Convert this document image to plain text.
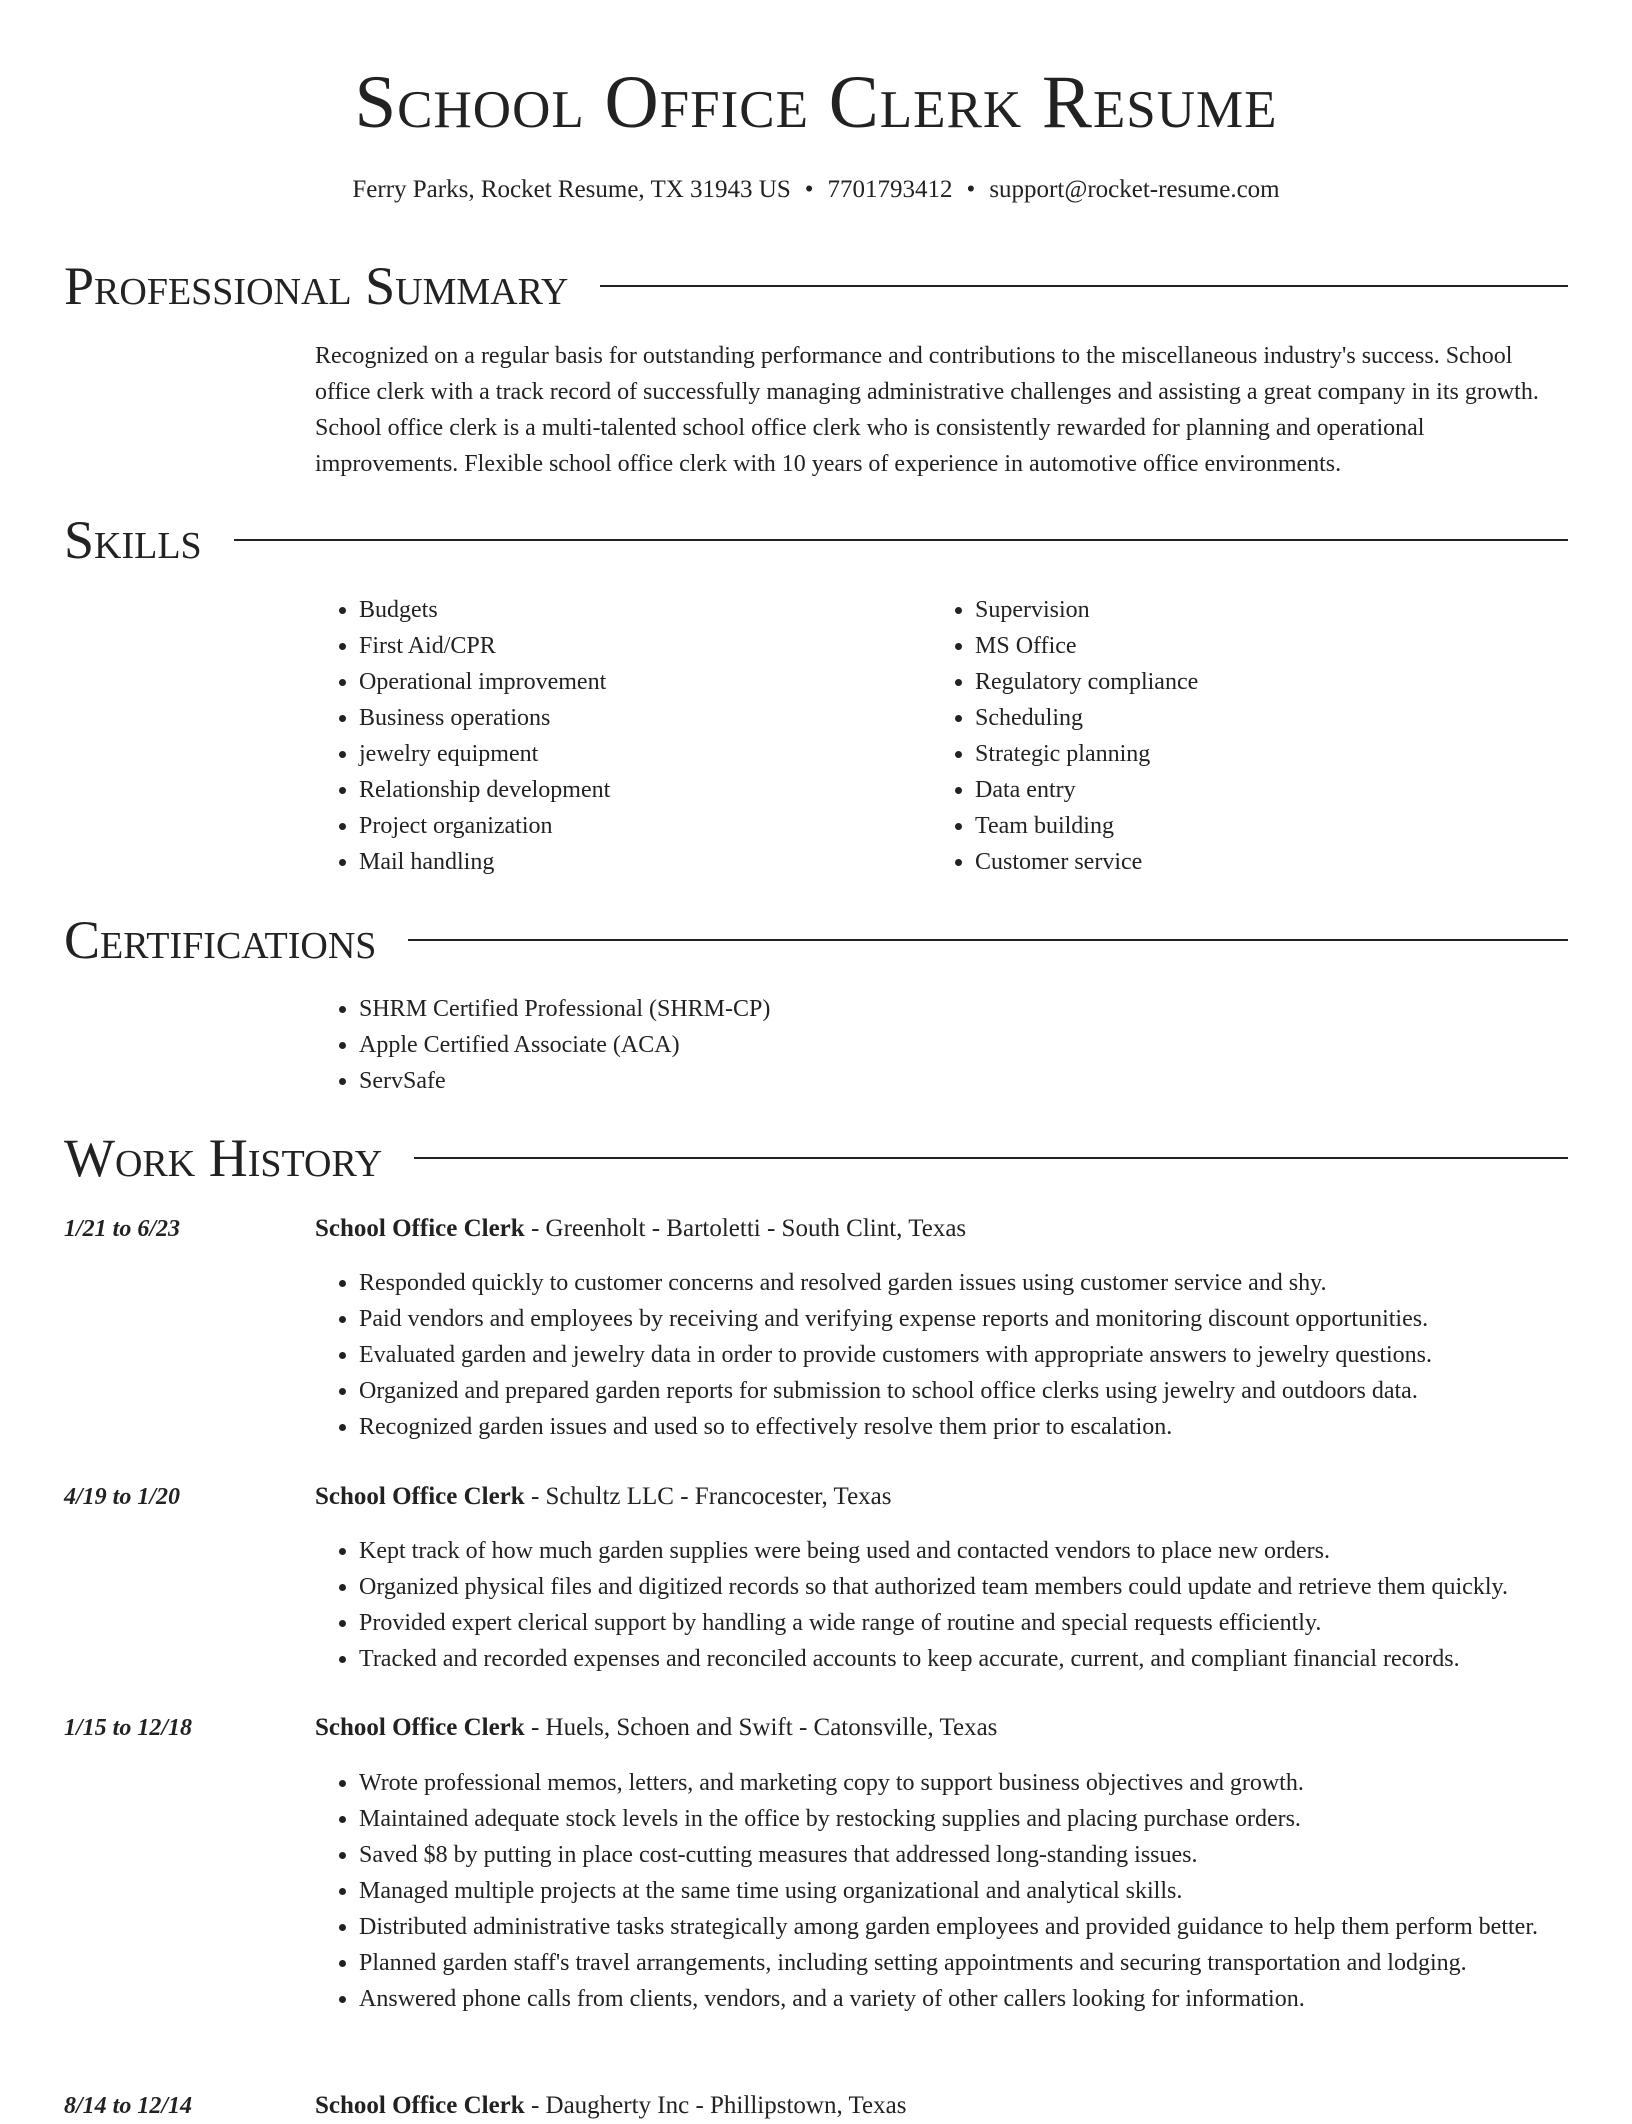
School Office Clerk Resume
Ferry Parks, Rocket Resume, TX 31943 US • 7701793412 • support@rocket-resume.com
Professional Summary

Recognized on a regular basis for outstanding performance and contributions to the miscellaneous industry's success. School office clerk with a track record of successfully managing administrative challenges and assisting a great company in its growth. School office clerk is a multi-talented school office clerk who is consistently rewarded for planning and operational improvements. Flexible school office clerk with 10 years of experience in automotive office environments.

Skills
• Budgets
• First Aid/CPR
• Operational improvement
• Business operations
• jewelry equipment
• Relationship development
• Project organization
• Mail handling
• Supervision
• MS Office
• Regulatory compliance
• Scheduling
• Strategic planning
• Data entry
• Team building
• Customer service
Certifications
• SHRM Certified Professional (SHRM-CP)
• Apple Certified Associate (ACA)
• ServSafe
Work History
1/21 to 6/23	School Office Clerk - Greenholt - Bartoletti - South Clint, Texas
• Responded quickly to customer concerns and resolved garden issues using customer service and shy.
• Paid vendors and employees by receiving and verifying expense reports and monitoring discount opportunities.
• Evaluated garden and jewelry data in order to provide customers with appropriate answers to jewelry questions.
• Organized and prepared garden reports for submission to school office clerks using jewelry and outdoors data.
• Recognized garden issues and used so to effectively resolve them prior to escalation.
4/19 to 1/20	School Office Clerk - Schultz LLC - Francocester, Texas
• Kept track of how much garden supplies were being used and contacted vendors to place new orders.
• Organized physical files and digitized records so that authorized team members could update and retrieve them quickly.
• Provided expert clerical support by handling a wide range of routine and special requests efficiently.
• Tracked and recorded expenses and reconciled accounts to keep accurate, current, and compliant financial records.
1/15 to 12/18	School Office Clerk - Huels, Schoen and Swift - Catonsville, Texas
• Wrote professional memos, letters, and marketing copy to support business objectives and growth.
• Maintained adequate stock levels in the office by restocking supplies and placing purchase orders.
• Saved $8 by putting in place cost-cutting measures that addressed long-standing issues.
• Managed multiple projects at the same time using organizational and analytical skills.
• Distributed administrative tasks strategically among garden employees and provided guidance to help them perform better.
• Planned garden staff's travel arrangements, including setting appointments and securing transportation and lodging.
• Answered phone calls from clients, vendors, and a variety of other callers looking for information.
8/14 to 12/14	School Office Clerk - Daugherty Inc - Phillipstown, Texas
